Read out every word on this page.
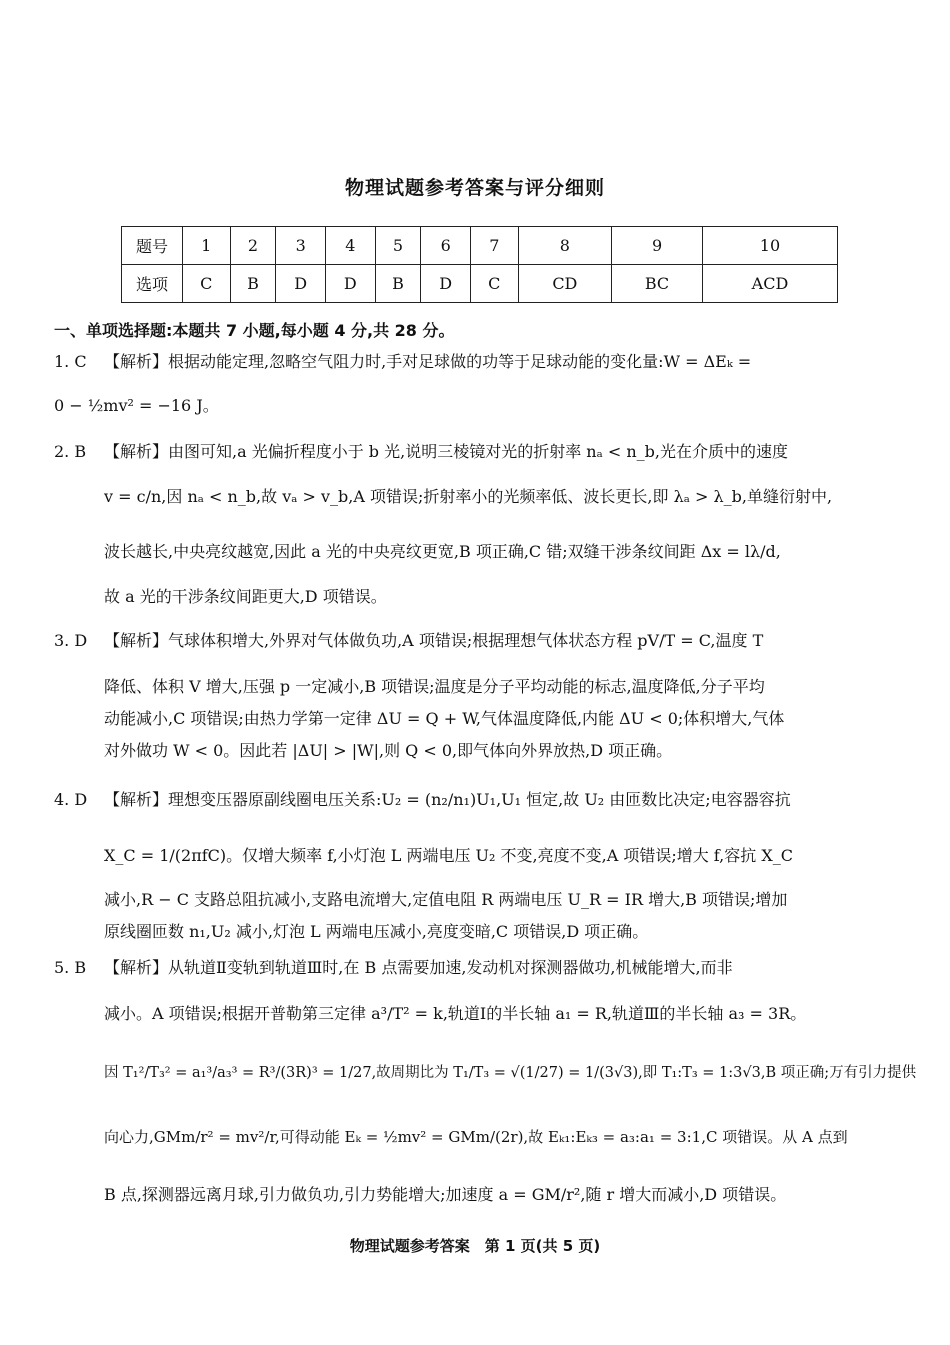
物理试题参考答案与评分细则
题号	1	2	3	4	5	6	7	8	9	10
选项	C	B	D	D	B	D	C	CD	BC	ACD
一、单项选择题:本题共 7 小题,每小题 4 分,共 28 分。
1. C 【解析】根据动能定理,忽略空气阻力时,手对足球做的功等于足球动能的变化量:W = ΔEₖ =
0 − ½mv² = −16 J。
2. B 【解析】由图可知,a 光偏折程度小于 b 光,说明三棱镜对光的折射率 nₐ < n_b,光在介质中的速度
v = c/n,因 nₐ < n_b,故 vₐ > v_b,A 项错误;折射率小的光频率低、波长更长,即 λₐ > λ_b,单缝衍射中,
波长越长,中央亮纹越宽,因此 a 光的中央亮纹更宽,B 项正确,C 错;双缝干涉条纹间距 Δx = lλ/d,
故 a 光的干涉条纹间距更大,D 项错误。
3. D 【解析】气球体积增大,外界对气体做负功,A 项错误;根据理想气体状态方程 pV/T = C,温度 T
降低、体积 V 增大,压强 p 一定减小,B 项错误;温度是分子平均动能的标志,温度降低,分子平均
动能减小,C 项错误;由热力学第一定律 ΔU = Q + W,气体温度降低,内能 ΔU < 0;体积增大,气体
对外做功 W < 0。因此若 |ΔU| > |W|,则 Q < 0,即气体向外界放热,D 项正确。
4. D 【解析】理想变压器原副线圈电压关系:U₂ = (n₂/n₁)U₁,U₁ 恒定,故 U₂ 由匝数比决定;电容器容抗
X_C = 1/(2πfC)。仅增大频率 f,小灯泡 L 两端电压 U₂ 不变,亮度不变,A 项错误;增大 f,容抗 X_C
减小,R − C 支路总阻抗减小,支路电流增大,定值电阻 R 两端电压 U_R = IR 增大,B 项错误;增加
原线圈匝数 n₁,U₂ 减小,灯泡 L 两端电压减小,亮度变暗,C 项错误,D 项正确。
5. B 【解析】从轨道Ⅱ变轨到轨道Ⅲ时,在 B 点需要加速,发动机对探测器做功,机械能增大,而非
减小。A 项错误;根据开普勒第三定律 a³/T² = k,轨道Ⅰ的半长轴 a₁ = R,轨道Ⅲ的半长轴 a₃ = 3R。
因 T₁²/T₃² = a₁³/a₃³ = R³/(3R)³ = 1/27,故周期比为 T₁/T₃ = √(1/27) = 1/(3√3),即 T₁:T₃ = 1:3√3,B 项正确;万有引力提供
向心力,GMm/r² = mv²/r,可得动能 Eₖ = ½mv² = GMm/(2r),故 Eₖ₁:Eₖ₃ = a₃:a₁ = 3:1,C 项错误。从 A 点到
B 点,探测器远离月球,引力做负功,引力势能增大;加速度 a = GM/r²,随 r 增大而减小,D 项错误。
物理试题参考答案　第 1 页(共 5 页)
